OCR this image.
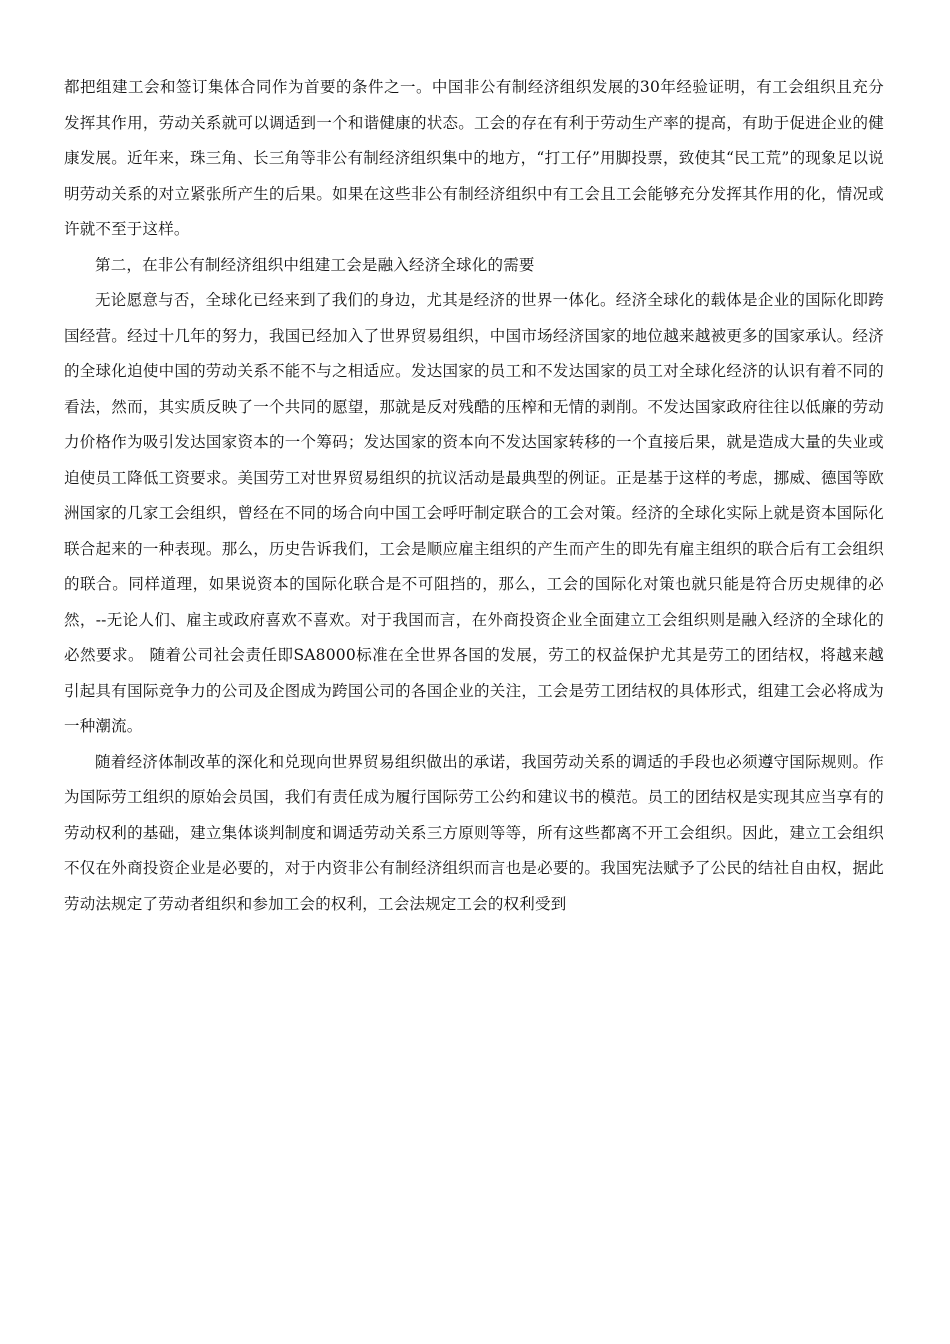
都把组建工会和签订集体合同作为首要的条件之一。中国非公有制经济组织发展的30年经验证明，有工会组织且充分发挥其作用，劳动关系就可以调适到一个和谐健康的状态。工会的存在有利于劳动生产率的提高，有助于促进企业的健康发展。近年来，珠三角、长三角等非公有制经济组织集中的地方，“打工仔”用脚投票，致使其“民工荒”的现象足以说明劳动关系的对立紧张所产生的后果。如果在这些非公有制经济组织中有工会且工会能够充分发挥其作用的化，情况或许就不至于这样。

第二，在非公有制经济组织中组建工会是融入经济全球化的需要

无论愿意与否，全球化已经来到了我们的身边，尤其是经济的世界一体化。经济全球化的载体是企业的国际化即跨国经营。经过十几年的努力，我国已经加入了世界贸易组织，中国市场经济国家的地位越来越被更多的国家承认。经济的全球化迫使中国的劳动关系不能不与之相适应。发达国家的员工和不发达国家的员工对全球化经济的认识有着不同的看法，然而，其实质反映了一个共同的愿望，那就是反对残酷的压榨和无情的剥削。不发达国家政府往往以低廉的劳动力价格作为吸引发达国家资本的一个筹码；发达国家的资本向不发达国家转移的一个直接后果，就是造成大量的失业或迫使员工降低工资要求。美国劳工对世界贸易组织的抗议活动是最典型的例证。正是基于这样的考虑，挪威、德国等欧洲国家的几家工会组织，曾经在不同的场合向中国工会呼吁制定联合的工会对策。经济的全球化实际上就是资本国际化联合起来的一种表现。那么，历史告诉我们，工会是顺应雇主组织的产生而产生的即先有雇主组织的联合后有工会组织的联合。同样道理，如果说资本的国际化联合是不可阻挡的，那么，工会的国际化对策也就只能是符合历史规律的必然，--无论人们、雇主或政府喜欢不喜欢。对于我国而言，在外商投资企业全面建立工会组织则是融入经济的全球化的必然要求。 随着公司社会责任即SA8000标准在全世界各国的发展，劳工的权益保护尤其是劳工的团结权，将越来越引起具有国际竞争力的公司及企图成为跨国公司的各国企业的关注，工会是劳工团结权的具体形式，组建工会必将成为一种潮流。

随着经济体制改革的深化和兑现向世界贸易组织做出的承诺，我国劳动关系的调适的手段也必须遵守国际规则。作为国际劳工组织的原始会员国，我们有责任成为履行国际劳工公约和建议书的模范。员工的团结权是实现其应当享有的劳动权利的基础，建立集体谈判制度和调适劳动关系三方原则等等，所有这些都离不开工会组织。因此，建立工会组织不仅在外商投资企业是必要的，对于内资非公有制经济组织而言也是必要的。我国宪法赋予了公民的结社自由权，据此劳动法规定了劳动者组织和参加工会的权利，工会法规定工会的权利受到
